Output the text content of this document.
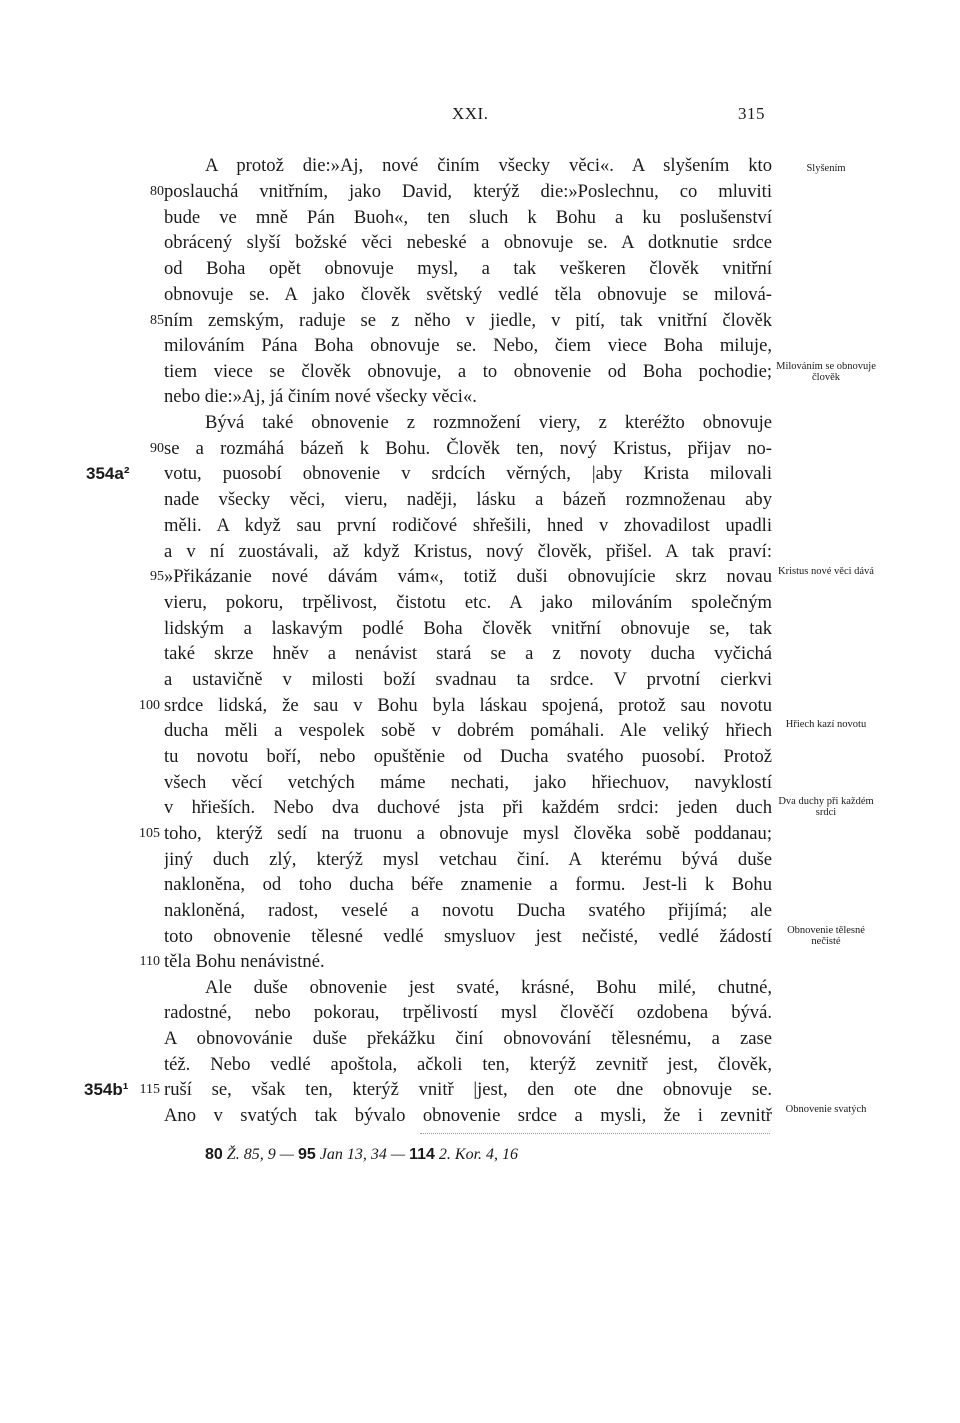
XXI.	315
A protož die:»Aj, nové činím všecky věci«. A slyšením kto
poslauchá vnitřním, jako David, kterýž die:»Poslechnu, co mluviti
bude ve mně Pán Buoh«, ten sluch k Bohu a ku poslušenství
obrácený slyší božské věci nebeské a obnovuje se. A dotknutie srdce
od Boha opět obnovuje mysl, a tak veškeren člověk vnitřní
obnovuje se. A jako člověk světský vedlé těla obnovuje se milová-
ním zemským, raduje se z něho v jiedle, v pití, tak vnitřní člověk
milováním Pána Boha obnovuje se. Nebo, čiem viece Boha miluje,
tiem viece se člověk obnovuje, a to obnovenie od Boha pochodie;
nebo die:»Aj, já činím nové všecky věci«.
Bývá také obnovenie z rozmnožení viery, z kteréžto obnovuje
se a rozmáhá bázeň k Bohu. Člověk ten, nový Kristus, přijav no-
votu, puosobí obnovenie v srdcích věrných, |aby Krista milovali
nade všecky věci, vieru, naději, lásku a bázeň rozmnoženau aby
měli. A když sau první rodičové shřešili, hned v zhovadilost upadli
a v ní zuostávali, až když Kristus, nový člověk, přišel. A tak praví:
»Přikázanie nové dávám vám«, totiž duši obnovujície skrz novau
vieru, pokoru, trpělivost, čistotu etc. A jako milováním společným
lidským a laskavým podlé Boha člověk vnitřní obnovuje se, tak
také skrze hněv a nenávist stará se a z novoty ducha vyčichá
a ustavičně v milosti boží svadnau ta srdce. V prvotní cierkvi
srdce lidská, že sau v Bohu byla láskau spojená, protož sau novotu
ducha měli a vespolek sobě v dobrém pomáhali. Ale veliký hřiech
tu novotu boří, nebo opuštěnie od Ducha svatého puosobí. Protož
všech věcí vetchých máme nechati, jako hřiechuov, navyklostí
v hřieších. Nebo dva duchové jsta při každém srdci: jeden duch
toho, kterýž sedí na truonu a obnovuje mysl člověka sobě poddanau;
jiný duch zlý, kterýž mysl vetchau činí. A kterému bývá duše
nakloněna, od toho ducha béře znamenie a formu. Jest-li k Bohu
nakloněná, radost, veselé a novotu Ducha svatého přijímá; ale
toto obnovenie tělesné vedlé smysluov jest nečisté, vedlé žádostí
těla Bohu nenávistné.
Ale duše obnovenie jest svaté, krásné, Bohu milé, chutné,
radostné, nebo pokorau, trpělivostí mysl člověčí ozdobena bývá.
A obnovovánie duše překážku činí obnovování tělesnému, a zase
též. Nebo vedlé apoštola, ačkoli ten, kterýž zevnitř jest, člověk,
ruší se, však ten, kterýž vnitř |jest, den ote dne obnovuje se.
Ano v svatých tak bývalo obnovenie srdce a mysli, že i zevnitř
80
85
90
95
100
105
110
115
354a²
354b¹
Slyšením
Milováním se obnovuje člověk
Kristus nové věci dává
Hřiech kazí novotu
Dva duchy při každém srdci
Obnovenie tělesné nečisté
Obnovenie svatých
80 Ž. 85, 9 — 95 Jan 13, 34 — 114 2. Kor. 4, 16
